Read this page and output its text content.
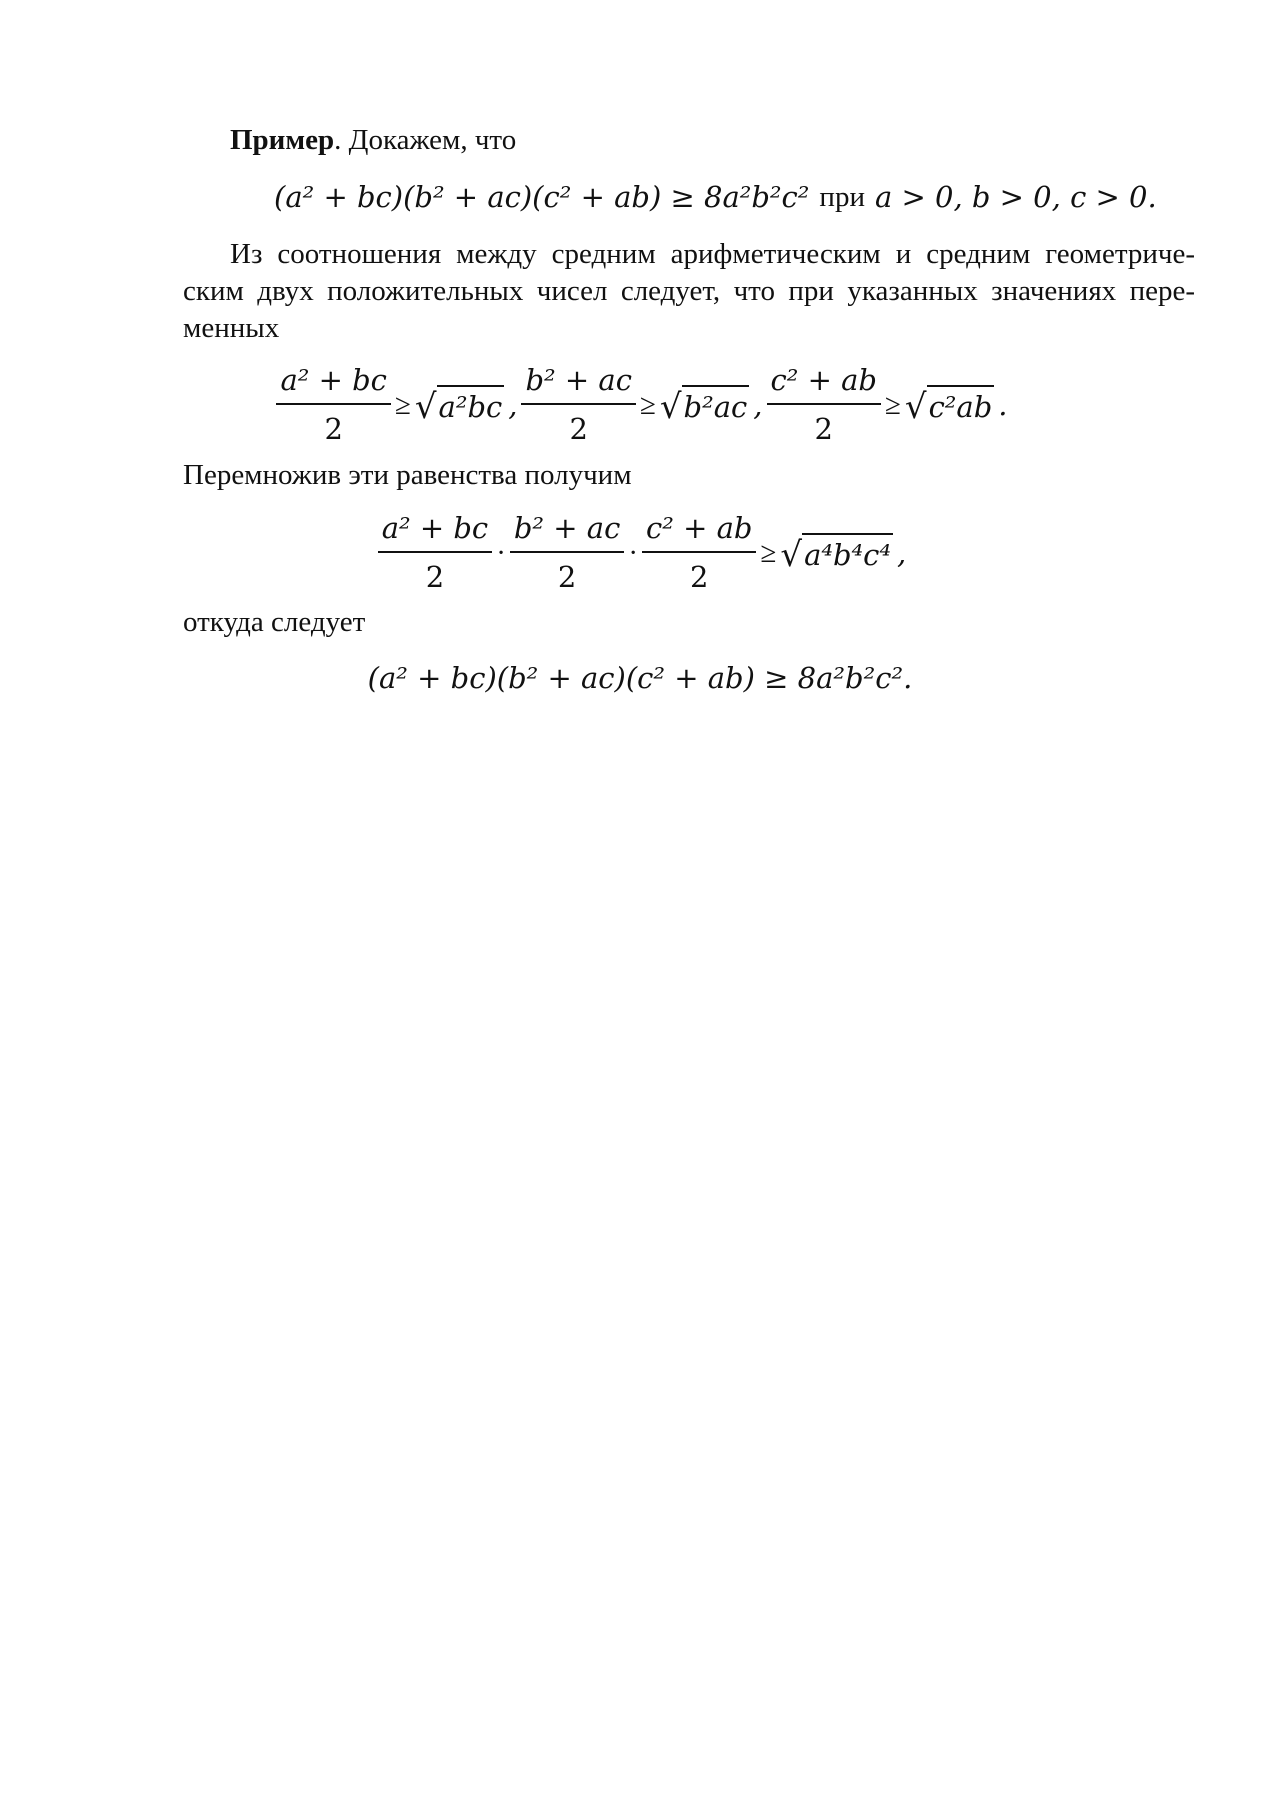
Пример. Докажем, что
(a² + bc)(b² + ac)(c² + ab) ≥ 8a²b²c² при a > 0, b > 0, c > 0.
Из соотношения между средним арифметическим и средним геометриче-
ским двух положительных чисел следует, что при указанных значениях пере-
менных
$\frac{\text{a² + bc}}{2}$ ≥ √ a²bc , $\frac{\text{b² + ac}}{2}$ ≥ √ b²ac , $\frac{\text{c² + ab}}{2}$ ≥ √ c²ab .
Перемножив эти равенства получим
$\frac{\text{a² + bc}}{2} \cdot \frac{\text{b² + ac}}{2} \cdot \frac{\text{c² + ab}}{2}$ ≥ √ a⁴b⁴c⁴ ,
откуда следует
(a² + bc)(b² + ac)(c² + ab) ≥ 8a²b²c².
